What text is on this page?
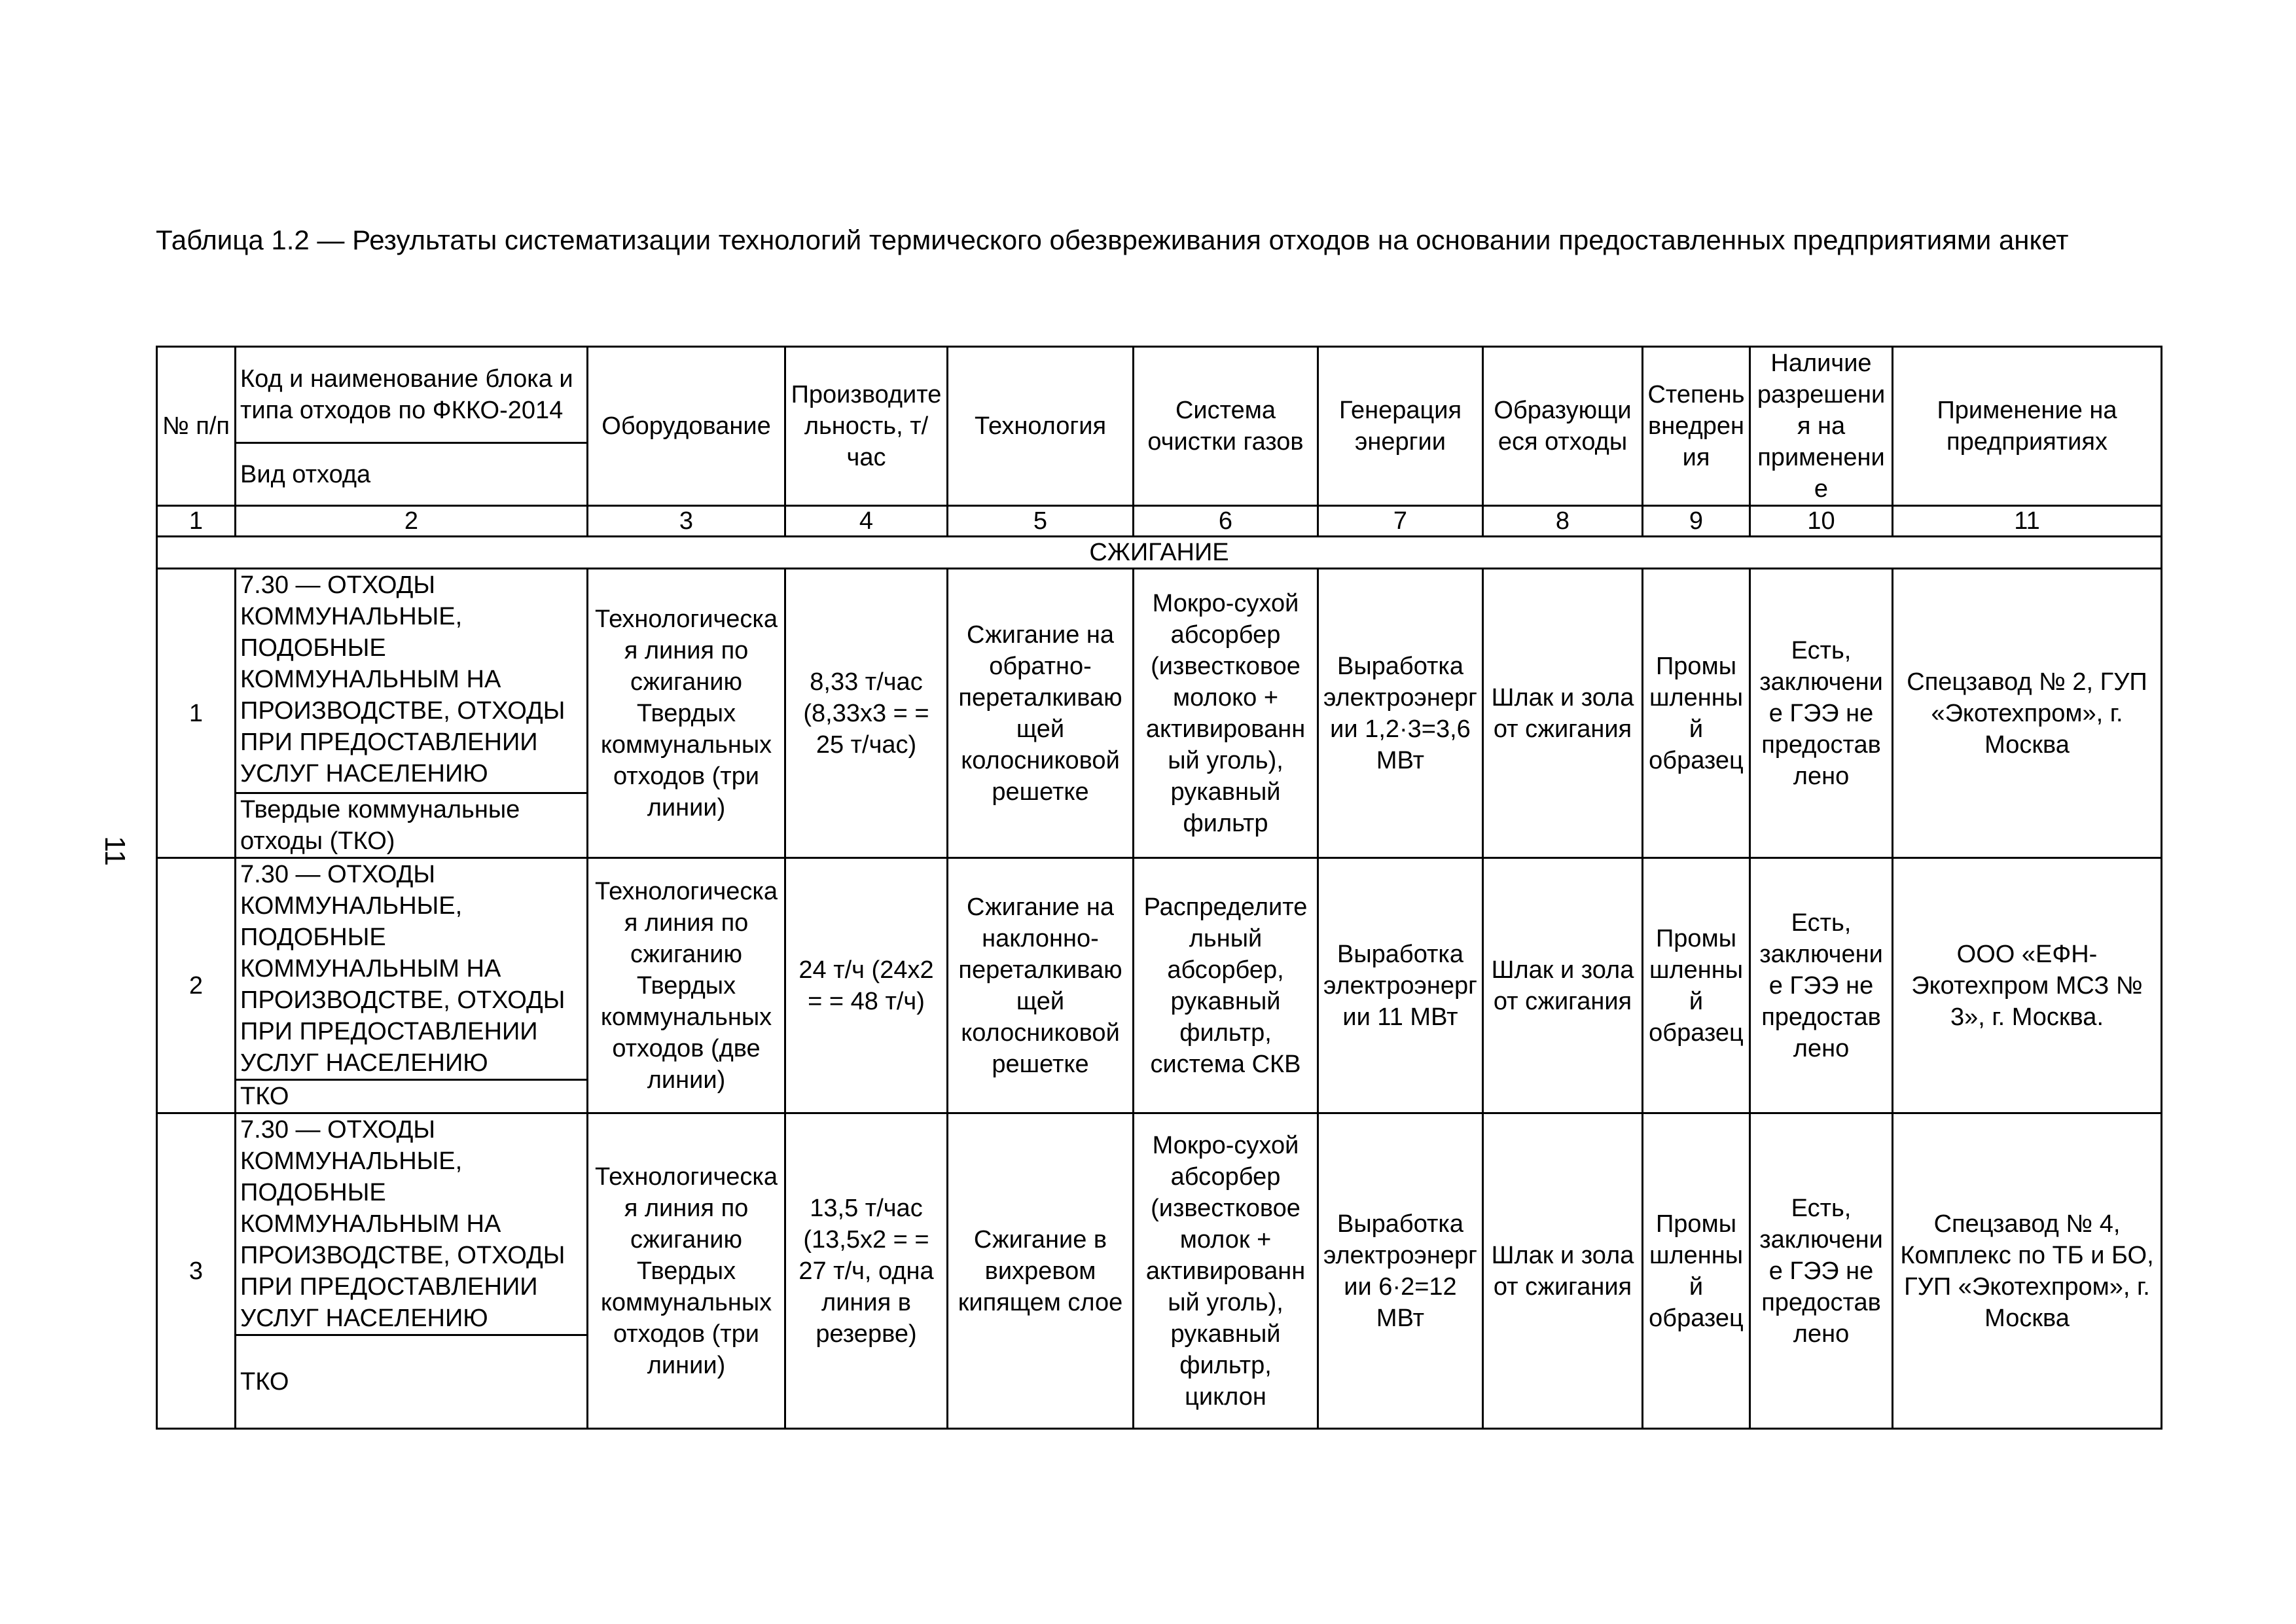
Таблица 1.2 — Результаты систематизации технологий термического обезвреживания отходов на основании предоставленных предприятиями анкет
11
№ п/п	Код и наименование блока и типа отходов по ФККО-2014	Оборудование	Производительность, т/час	Технология	Система очистки газов	Генерация энергии	Образующиеся отходы	Степень внедрения	Наличие разрешения на применение	Применение на предприятиях
	Вид отхода									
1	2	3	4	5	6	7	8	9	10	11
СЖИГАНИЕ										
1	7.30 — ОТХОДЫ КОММУНАЛЬНЫЕ, ПОДОБНЫЕ КОММУНАЛЬНЫМ НА ПРОИЗВОДСТВЕ, ОТХОДЫ ПРИ ПРЕДОСТАВЛЕНИИ УСЛУГ НАСЕЛЕНИЮ	Технологическая линия по сжиганию Твердых коммунальных отходов (три линии)	8,33 т/час (8,33x3 = = 25 т/час)	Сжигание на обратно-переталкивающей колосниковой решетке	Мокро-сухой абсорбер (известковое молоко + активированный уголь), рукавный фильтр	Выработка электроэнергии 1,2·3=3,6 МВт	Шлак и зола от сжигания	Промышленный образец	Есть, заключение ГЭЭ не предоставлено	Спецзавод № 2, ГУП «Экотехпром», г. Москва
	Твердые коммунальные отходы (ТКО)									
2	7.30 — ОТХОДЫ КОММУНАЛЬНЫЕ, ПОДОБНЫЕ КОММУНАЛЬНЫМ НА ПРОИЗВОДСТВЕ, ОТХОДЫ ПРИ ПРЕДОСТАВЛЕНИИ УСЛУГ НАСЕЛЕНИЮ	Технологическая линия по сжиганию Твердых коммунальных отходов (две линии)	24 т/ч (24x2 = = 48 т/ч)	Сжигание на наклонно-переталкивающей колосниковой решетке	Распределительный абсорбер, рукавный фильтр, система СКВ	Выработка электроэнергии 11 МВт	Шлак и зола от сжигания	Промышленный образец	Есть, заключение ГЭЭ не предоставлено	ООО «ЕФН-Экотехпром МСЗ № 3», г. Москва.
	ТКО									
3	7.30 — ОТХОДЫ КОММУНАЛЬНЫЕ, ПОДОБНЫЕ КОММУНАЛЬНЫМ НА ПРОИЗВОДСТВЕ, ОТХОДЫ ПРИ ПРЕДОСТАВЛЕНИИ УСЛУГ НАСЕЛЕНИЮ	Технологическая линия по сжиганию Твердых коммунальных отходов (три линии)	13,5 т/час (13,5x2 = = 27 т/ч, одна линия в резерве)	Сжигание в вихревом кипящем слое	Мокро-сухой абсорбер (известковое молок + активированный уголь), рукавный фильтр, циклон	Выработка электроэнергии 6·2=12 МВт	Шлак и зола от сжигания	Промышленный образец	Есть, заключение ГЭЭ не предоставлено	Спецзавод № 4, Комплекс по ТБ и БО, ГУП «Экотехпром», г. Москва
	ТКО									
